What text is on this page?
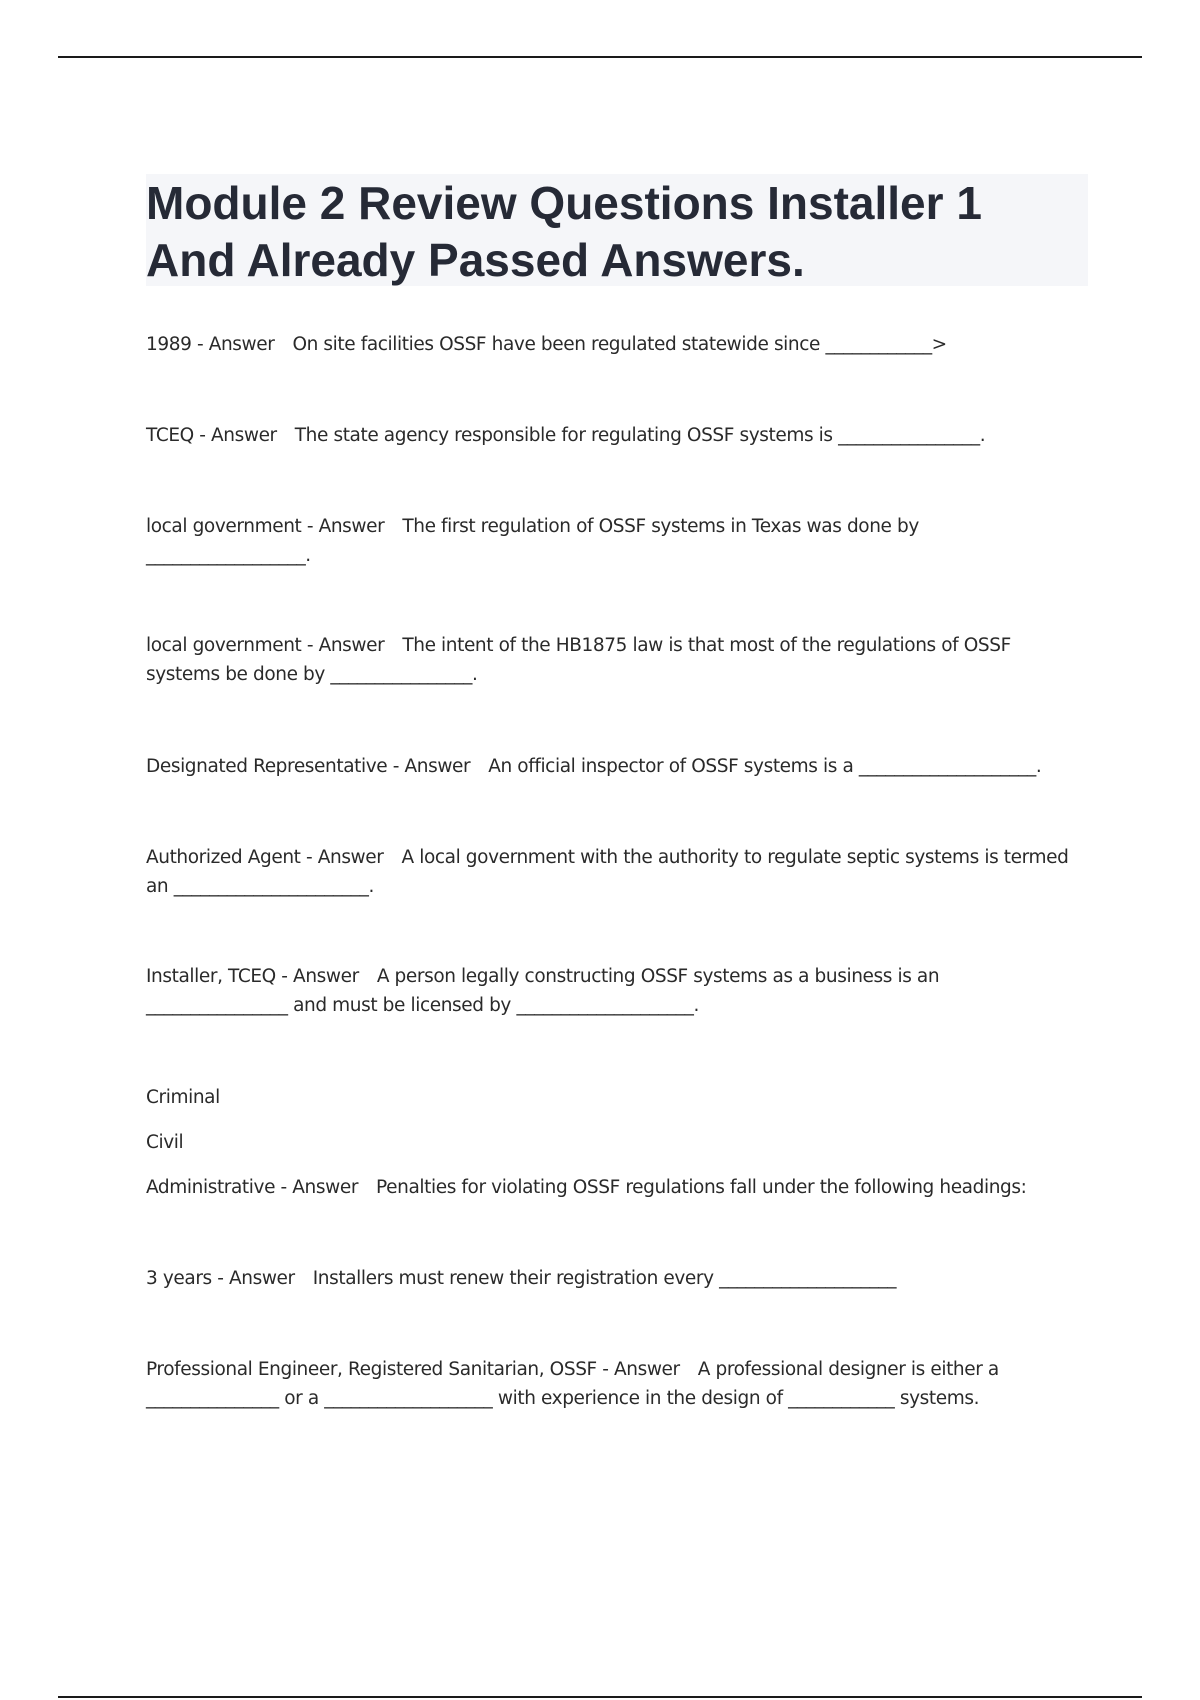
Module 2 Review Questions Installer 1
And Already Passed Answers.

1989 - Answer On site facilities OSSF have been regulated statewide since ____________>

TCEQ - Answer The state agency responsible for regulating OSSF systems is ________________.

local government - Answer The first regulation of OSSF systems in Texas was done by
__________________.

local government - Answer The intent of the HB1875 law is that most of the regulations of OSSF
systems be done by ________________.

Designated Representative - Answer An official inspector of OSSF systems is a ____________________.

Authorized Agent - Answer A local government with the authority to regulate septic systems is termed
an ______________________.

Installer, TCEQ - Answer A person legally constructing OSSF systems as a business is an
________________ and must be licensed by ____________________.

Criminal
Civil
Administrative - Answer Penalties for violating OSSF regulations fall under the following headings:

3 years - Answer Installers must renew their registration every ____________________

Professional Engineer, Registered Sanitarian, OSSF - Answer A professional designer is either a
_______________ or a ___________________ with experience in the design of ____________ systems.
